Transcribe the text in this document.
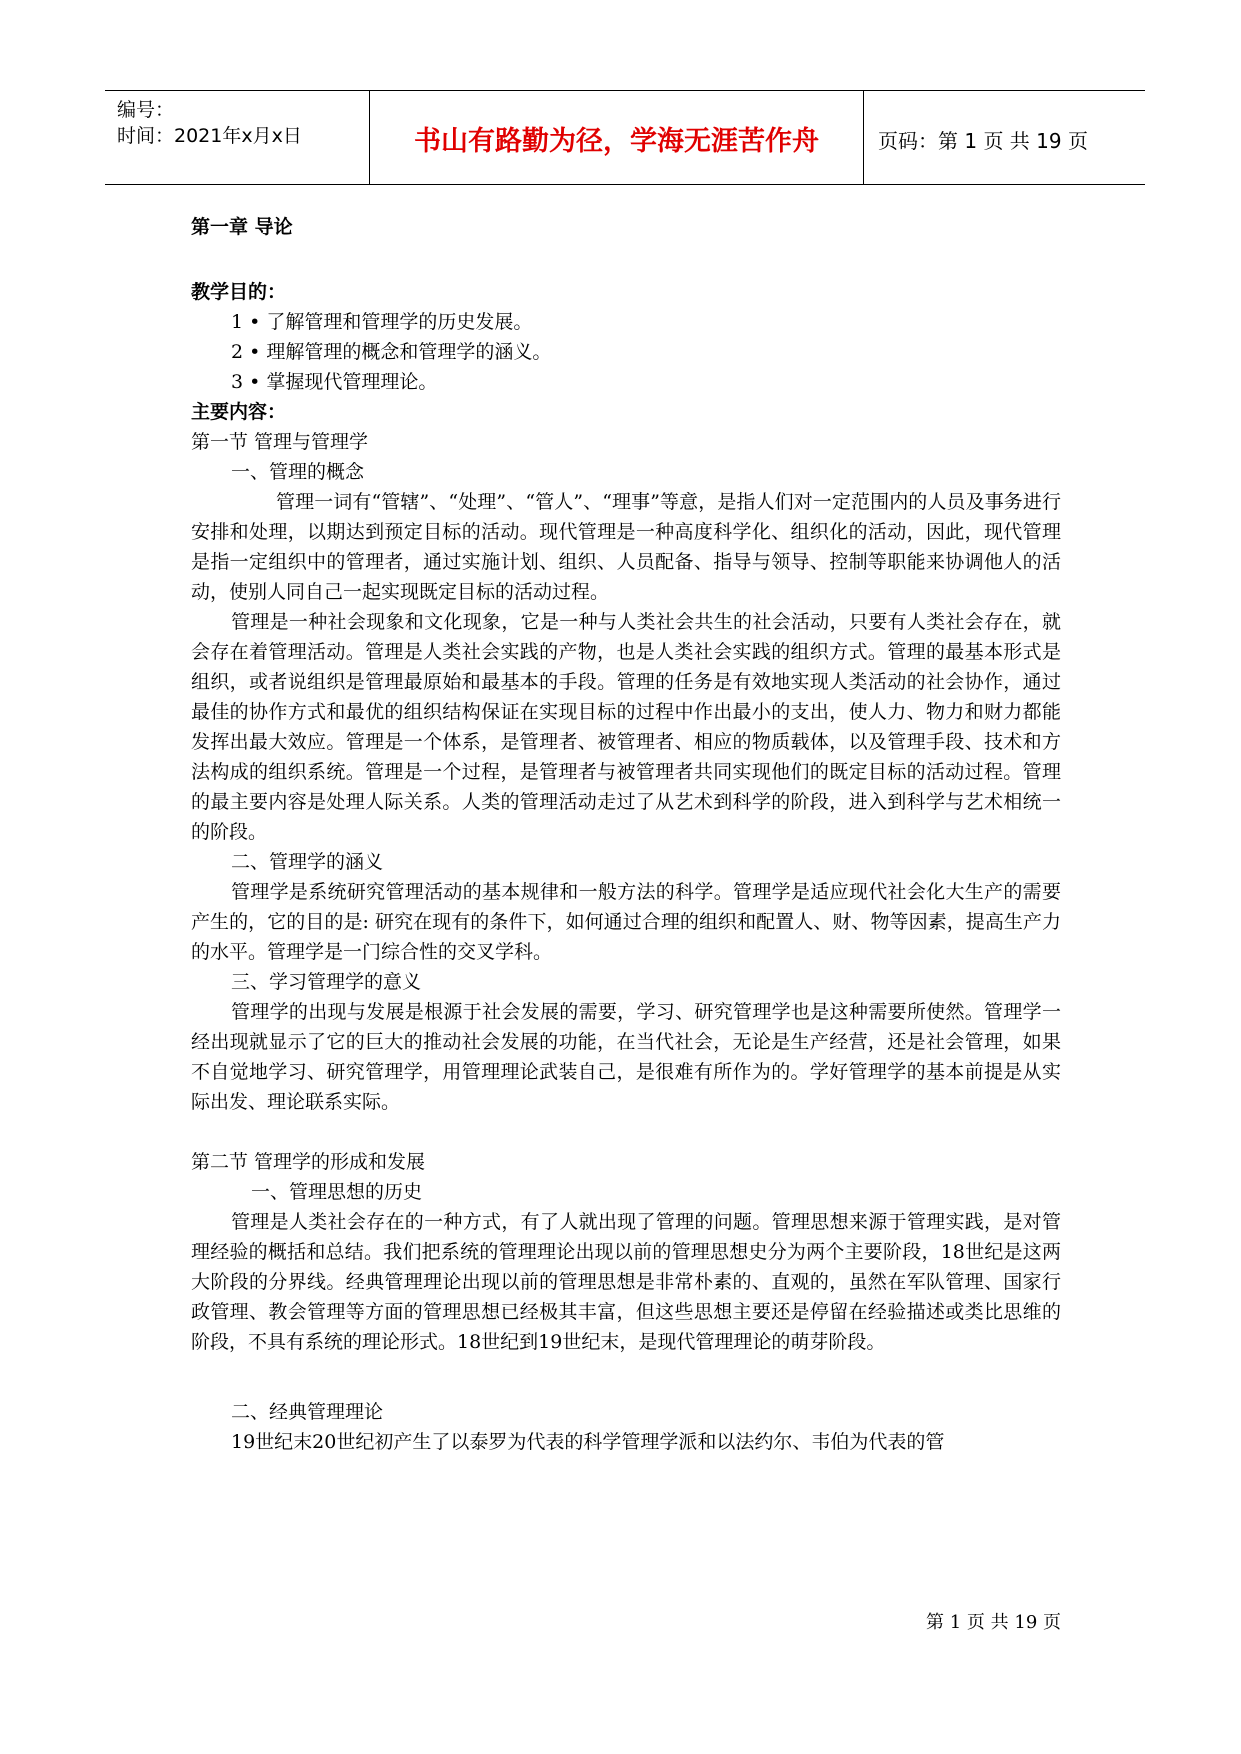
编号：
时间：2021年x月x日	书山有路勤为径，学海无涯苦作舟	页码：第 1 页 共 19 页

第一章 导论

教学目的：

1 • 了解管理和管理学的历史发展。

2 • 理解管理的概念和管理学的涵义。

3 • 掌握现代管理理论。

主要内容：

第一节 管理与管理学

一、管理的概念

管理一词有“管辖”、“处理”、“管人”、“理事”等意，是指人们对一定范围内的人员及事务进行安排和处理，以期达到预定目标的活动。现代管理是一种高度科学化、组织化的活动，因此，现代管理是指一定组织中的管理者，通过实施计划、组织、人员配备、指导与领导、控制等职能来协调他人的活动，使别人同自己一起实现既定目标的活动过程。

管理是一种社会现象和文化现象，它是一种与人类社会共生的社会活动，只要有人类社会存在，就会存在着管理活动。管理是人类社会实践的产物，也是人类社会实践的组织方式。管理的最基本形式是组织，或者说组织是管理最原始和最基本的手段。管理的任务是有效地实现人类活动的社会协作，通过最佳的协作方式和最优的组织结构保证在实现目标的过程中作出最小的支出，使人力、物力和财力都能发挥出最大效应。管理是一个体系，是管理者、被管理者、相应的物质载体，以及管理手段、技术和方法构成的组织系统。管理是一个过程，是管理者与被管理者共同实现他们的既定目标的活动过程。管理的最主要内容是处理人际关系。人类的管理活动走过了从艺术到科学的阶段，进入到科学与艺术相统一的阶段。

二、管理学的涵义

管理学是系统研究管理活动的基本规律和一般方法的科学。管理学是适应现代社会化大生产的需要产生的，它的目的是: 研究在现有的条件下，如何通过合理的组织和配置人、财、物等因素，提高生产力的水平。管理学是一门综合性的交叉学科。

三、学习管理学的意义

管理学的出现与发展是根源于社会发展的需要，学习、研究管理学也是这种需要所使然。管理学一经出现就显示了它的巨大的推动社会发展的功能，在当代社会，无论是生产经营，还是社会管理，如果不自觉地学习、研究管理学，用管理理论武装自己，是很难有所作为的。学好管理学的基本前提是从实际出发、理论联系实际。

第二节 管理学的形成和发展

一、管理思想的历史

管理是人类社会存在的一种方式，有了人就出现了管理的问题。管理思想来源于管理实践，是对管理经验的概括和总结。我们把系统的管理理论出现以前的管理思想史分为两个主要阶段，18世纪是这两大阶段的分界线。经典管理理论出现以前的管理思想是非常朴素的、直观的，虽然在军队管理、国家行政管理、教会管理等方面的管理思想已经极其丰富，但这些思想主要还是停留在经验描述或类比思维的阶段，不具有系统的理论形式。18世纪到19世纪末，是现代管理理论的萌芽阶段。

二、经典管理理论

19世纪末20世纪初产生了以泰罗为代表的科学管理学派和以法约尔、韦伯为代表的管

第 1 页 共 19 页
